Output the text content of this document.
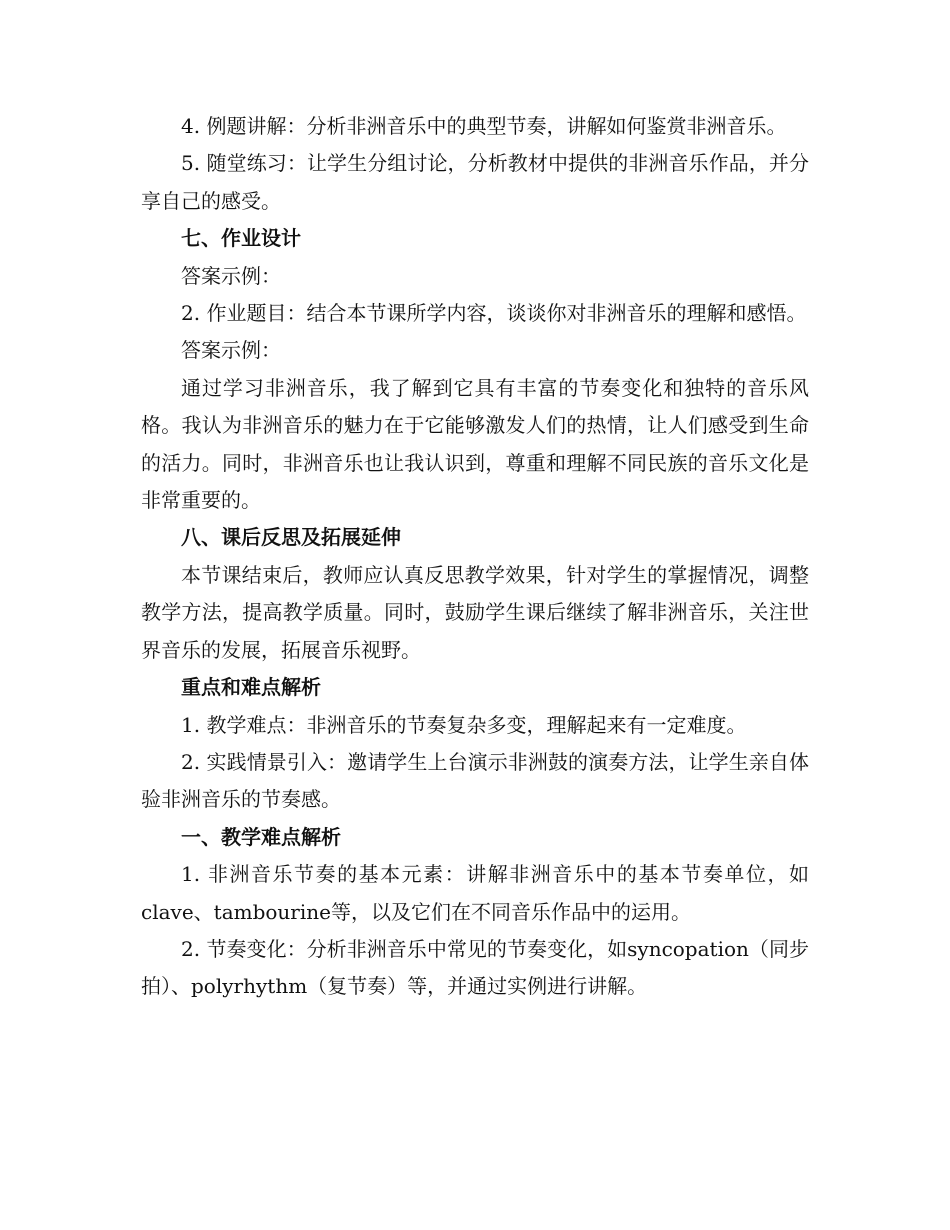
4. 例题讲解：分析非洲音乐中的典型节奏，讲解如何鉴赏非洲音乐。

5. 随堂练习：让学生分组讨论，分析教材中提供的非洲音乐作品，并分享自己的感受。

七、作业设计

答案示例：

2. 作业题目：结合本节课所学内容，谈谈你对非洲音乐的理解和感悟。

答案示例：

通过学习非洲音乐，我了解到它具有丰富的节奏变化和独特的音乐风格。我认为非洲音乐的魅力在于它能够激发人们的热情，让人们感受到生命的活力。同时，非洲音乐也让我认识到，尊重和理解不同民族的音乐文化是非常重要的。

八、课后反思及拓展延伸

本节课结束后，教师应认真反思教学效果，针对学生的掌握情况，调整教学方法，提高教学质量。同时，鼓励学生课后继续了解非洲音乐，关注世界音乐的发展，拓展音乐视野。

重点和难点解析

1. 教学难点：非洲音乐的节奏复杂多变，理解起来有一定难度。

2. 实践情景引入：邀请学生上台演示非洲鼓的演奏方法，让学生亲自体验非洲音乐的节奏感。

一、教学难点解析

1. 非洲音乐节奏的基本元素：讲解非洲音乐中的基本节奏单位，如clave、tambourine等，以及它们在不同音乐作品中的运用。

2. 节奏变化：分析非洲音乐中常见的节奏变化，如syncopation（同步拍）、polyrhythm（复节奏）等，并通过实例进行讲解。
